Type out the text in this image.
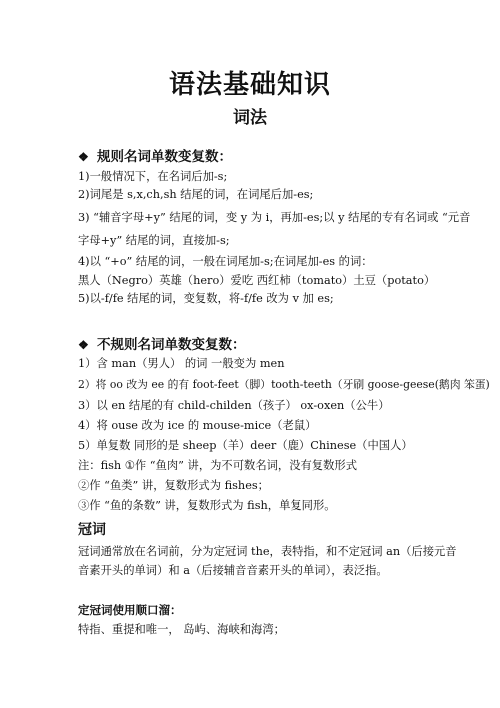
语法基础知识
词法
❖ 规则名词单数变复数：
1)一般情况下，在名词后加-s;
2)词尾是 s,x,ch,sh 结尾的词，在词尾后加-es;
3) “辅音字母+y” 结尾的词，变 y 为 i，再加-es;以 y 结尾的专有名词或 “元音
字母+y” 结尾的词，直接加-s;
4)以 “+o” 结尾的词，一般在词尾加-s;在词尾加-es 的词：
黑人（Negro）英雄（hero）爱吃 西红柿（tomato）土豆（potato）
5)以-f/fe 结尾的词，变复数，将-f/fe 改为 v 加 es;
❖ 不规则名词单数变复数：
1）含 man（男人） 的词 一般变为 men
2）将 oo 改为 ee 的有 foot-feet（脚）tooth-teeth（牙刷 goose-geese(鹅肉 笨蛋)
3）以 en 结尾的有 child-childen（孩子） ox-oxen（公牛）
4）将 ouse 改为 ice 的 mouse-mice（老鼠）
5）单复数 同形的是 sheep（羊）deer（鹿）Chinese（中国人）
注：fish ①作 “鱼肉” 讲，为不可数名词，没有复数形式
②作 “鱼类” 讲，复数形式为 fishes；
③作 “鱼的条数” 讲，复数形式为 fish，单复同形。
冠词
冠词通常放在名词前，分为定冠词 the，表特指，和不定冠词 an（后接元音
音素开头的单词）和 a（后接辅音音素开头的单词），表泛指。
定冠词使用顺口溜：
特指、重提和唯一， 岛屿、海峡和海湾；
